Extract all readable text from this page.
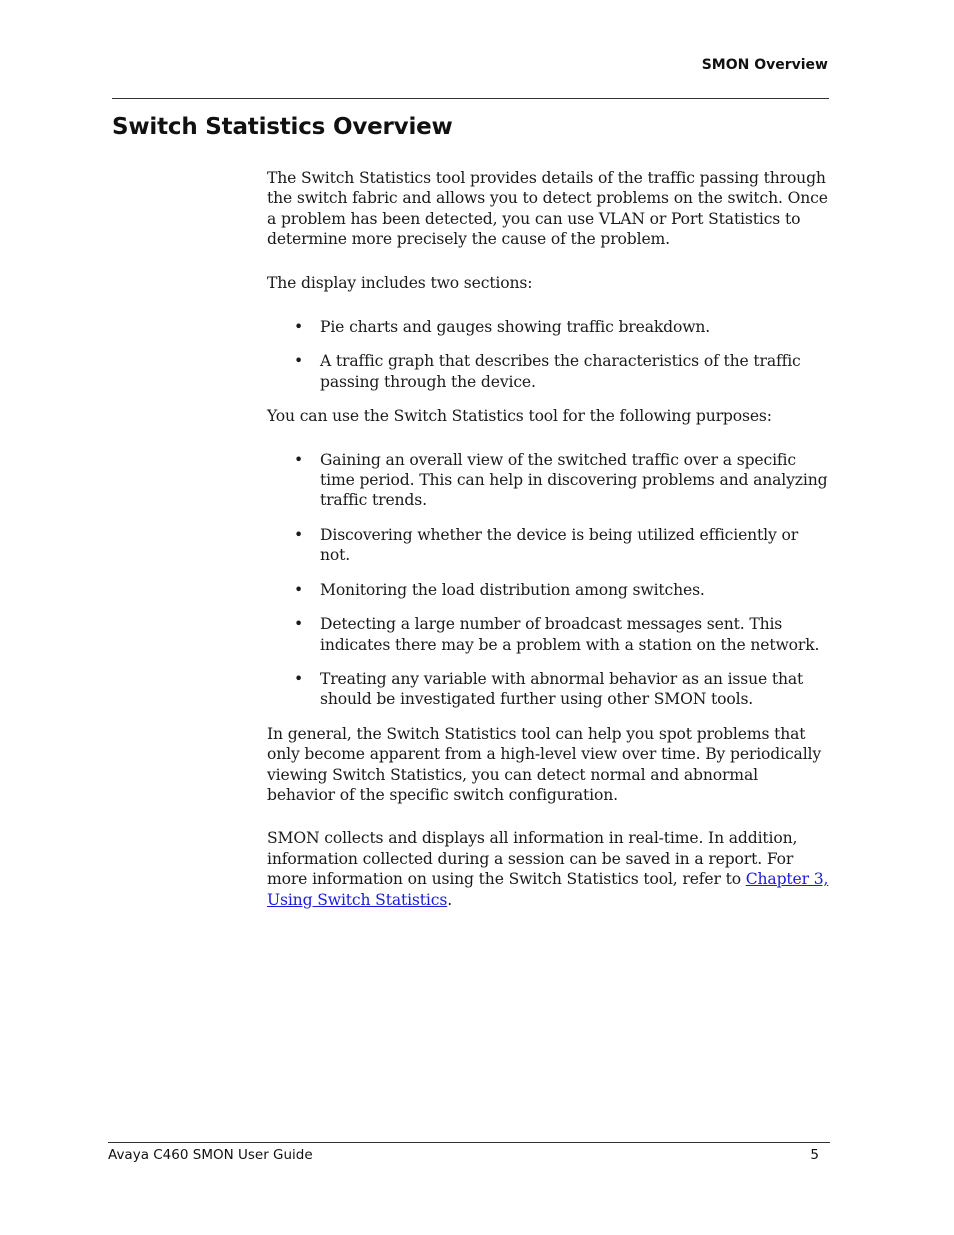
SMON Overview
Switch Statistics Overview

The Switch Statistics tool provides details of the traffic passing through the switch fabric and allows you to detect problems on the switch. Once a problem has been detected, you can use VLAN or Port Statistics to determine more precisely the cause of the problem.

The display includes two sections:

• Pie charts and gauges showing traffic breakdown.
• A traffic graph that describes the characteristics of the traffic passing through the device.

You can use the Switch Statistics tool for the following purposes:

• Gaining an overall view of the switched traffic over a specific time period. This can help in discovering problems and analyzing traffic trends.
• Discovering whether the device is being utilized efficiently or not.
• Monitoring the load distribution among switches.
• Detecting a large number of broadcast messages sent. This indicates there may be a problem with a station on the network.
• Treating any variable with abnormal behavior as an issue that should be investigated further using other SMON tools.

In general, the Switch Statistics tool can help you spot problems that only become apparent from a high-level view over time. By periodically viewing Switch Statistics, you can detect normal and abnormal behavior of the specific switch configuration.

SMON collects and displays all information in real-time. In addition, information collected during a session can be saved in a report. For more information on using the Switch Statistics tool, refer to Chapter 3, Using Switch Statistics.

Avaya C460 SMON User Guide	5
